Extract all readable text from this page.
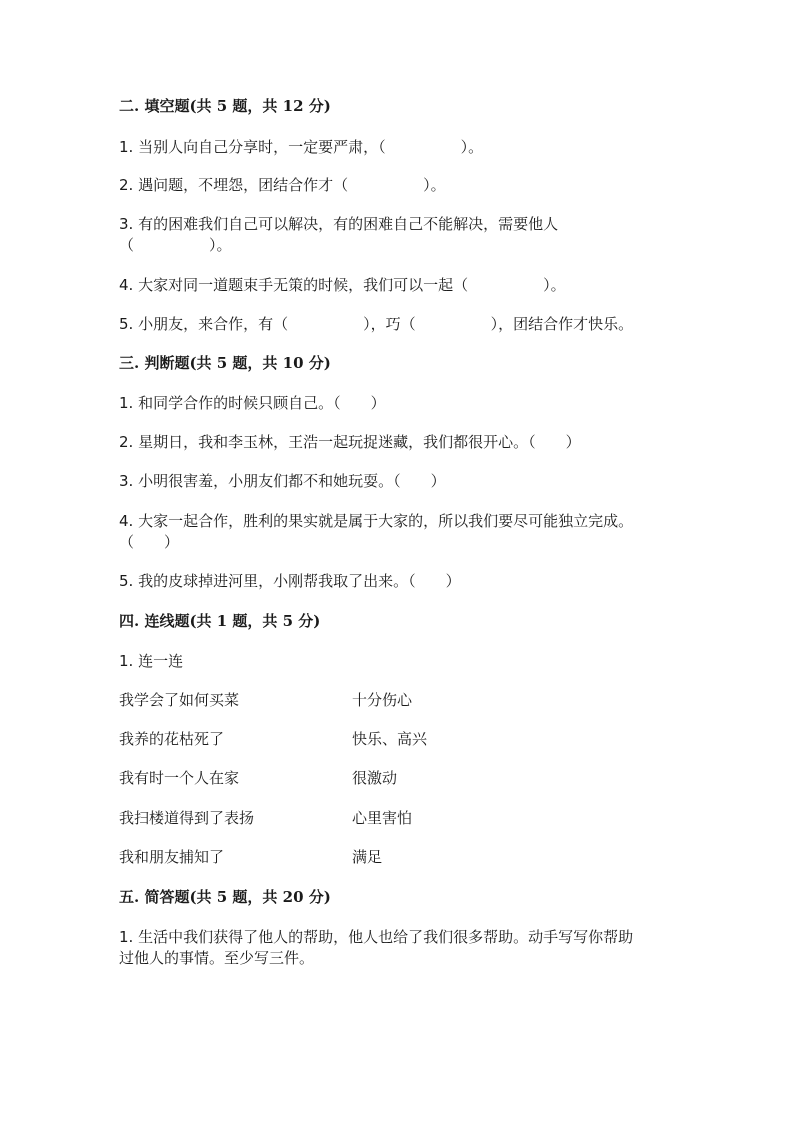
二. 填空题(共 5 题，共 12 分)
1. 当别人向自己分享时，一定要严肃，（　　　　　）。
2. 遇问题，不埋怨，团结合作才（　　　　　）。
3. 有的困难我们自己可以解决，有的困难自己不能解决，需要他人
（　　　　　）。
4. 大家对同一道题束手无策的时候，我们可以一起（　　　　　）。
5. 小朋友，来合作，有（　　　　　），巧（　　　　　），团结合作才快乐。
三. 判断题(共 5 题，共 10 分)
1. 和同学合作的时候只顾自己。（　　）
2. 星期日，我和李玉林，王浩一起玩捉迷藏，我们都很开心。（　　）
3. 小明很害羞，小朋友们都不和她玩耍。（　　）
4. 大家一起合作，胜利的果实就是属于大家的，所以我们要尽可能独立完成。
（　　）
5. 我的皮球掉进河里，小刚帮我取了出来。（　　）
四. 连线题(共 1 题，共 5 分)
1. 连一连
我学会了如何买菜	十分伤心
我养的花枯死了	快乐、高兴
我有时一个人在家	很激动
我扫楼道得到了表扬	心里害怕
我和朋友捕知了	满足
五. 简答题(共 5 题，共 20 分)
1. 生活中我们获得了他人的帮助，他人也给了我们很多帮助。动手写写你帮助
过他人的事情。至少写三件。
